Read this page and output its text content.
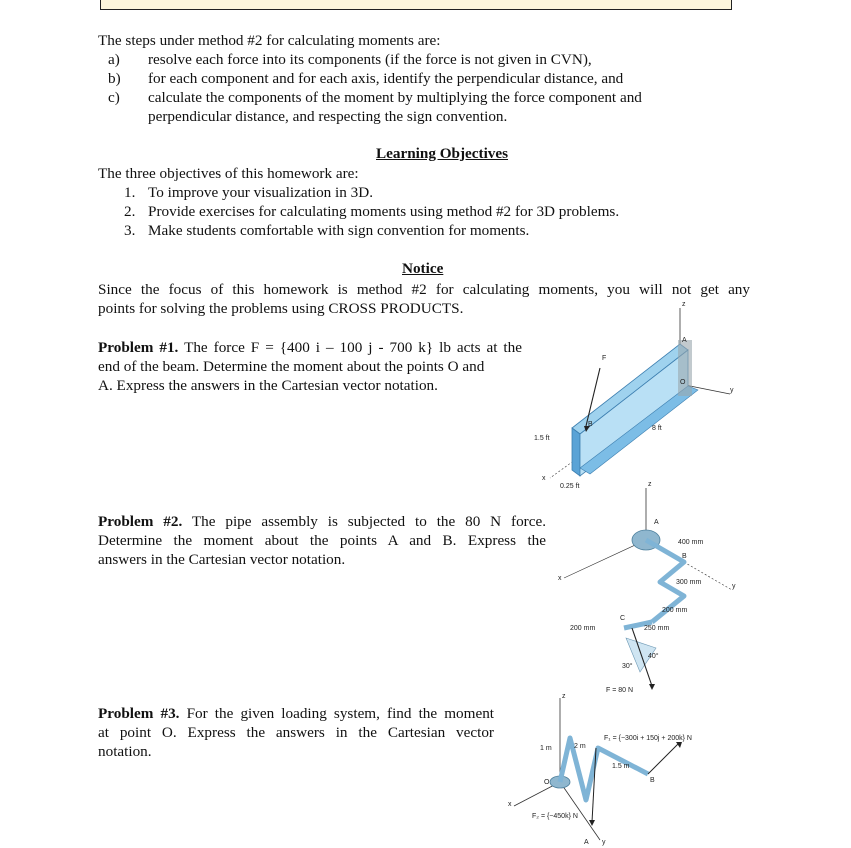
The steps under method #2 for calculating moments are:
a) resolve each force into its components (if the force is not given in CVN),
b) for each component and for each axis, identify the perpendicular distance, and
c) calculate the components of the moment by multiplying the force component and
perpendicular distance, and respecting the sign convention.
Learning Objectives
The three objectives of this homework are:
1. To improve your visualization in 3D.
2. Provide exercises for calculating moments using method #2 for 3D problems.
3. Make students comfortable with sign convention for moments.
Notice
Since the focus of this homework is method #2 for calculating moments, you will not get any
points for solving the problems using CROSS PRODUCTS.
Problem #1. The force F = {400 i – 100 j - 700 k} lb acts at the
end of the beam. Determine the moment about the points O and
A. Express the answers in the Cartesian vector notation.
z
y
x
F
A
O
B
1.5 ft
0.25 ft
8 ft
Problem #2. The pipe assembly is subjected to the 80 N force.
Determine the moment about the points A and B. Express the
answers in the Cartesian vector notation.
z
y
x
A
B
C
400 mm
300 mm
200 mm
250 mm
200 mm
40°
30°
F = 80 N
Problem #3. For the given loading system, find the moment
at point O. Express the answers in the Cartesian vector
notation.
z
x
y
O
A
B
1 m	2 m
1.5 m
F₁ = {−300i + 150j + 200k} N
F₂ = {−450k} N
